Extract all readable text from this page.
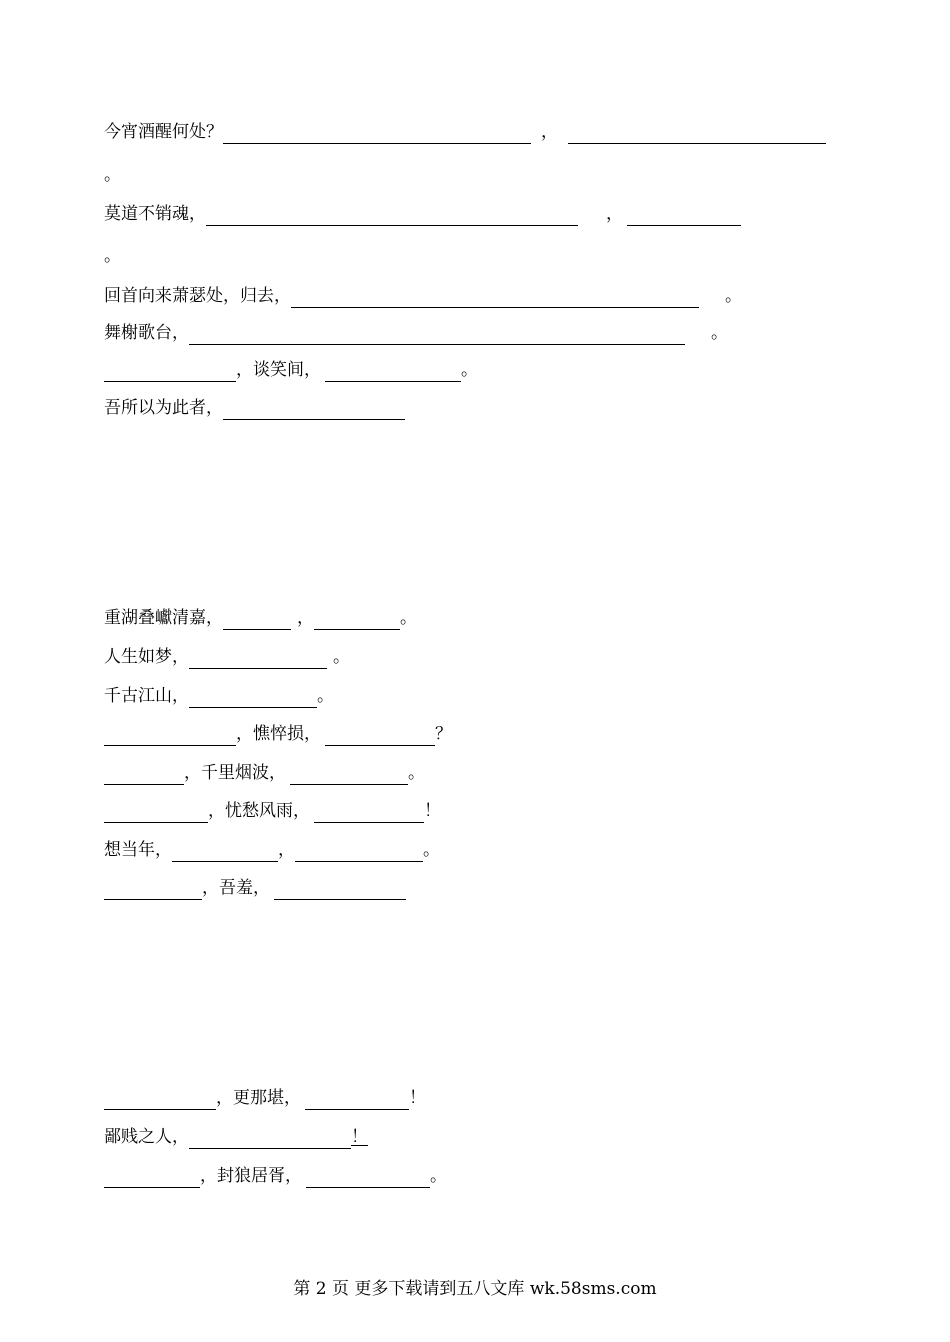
今宵酒醒何处？	，
。
莫道不销魂，	，
。
回首向来萧瑟处，归去，	。
舞榭歌台，	。
，谈笑间，	。
吾所以为此者，
重湖叠巘清嘉，	，	。
人生如梦，	。
千古江山，	。
，憔悴损，	？
，千里烟波，	。
，忧愁风雨，	！
想当年，	，	。
，吾羞，
，更那堪，	！
鄙贱之人，	！
，封狼居胥，	。
第 2 页 更多下载请到五八文库 wk.58sms.com
